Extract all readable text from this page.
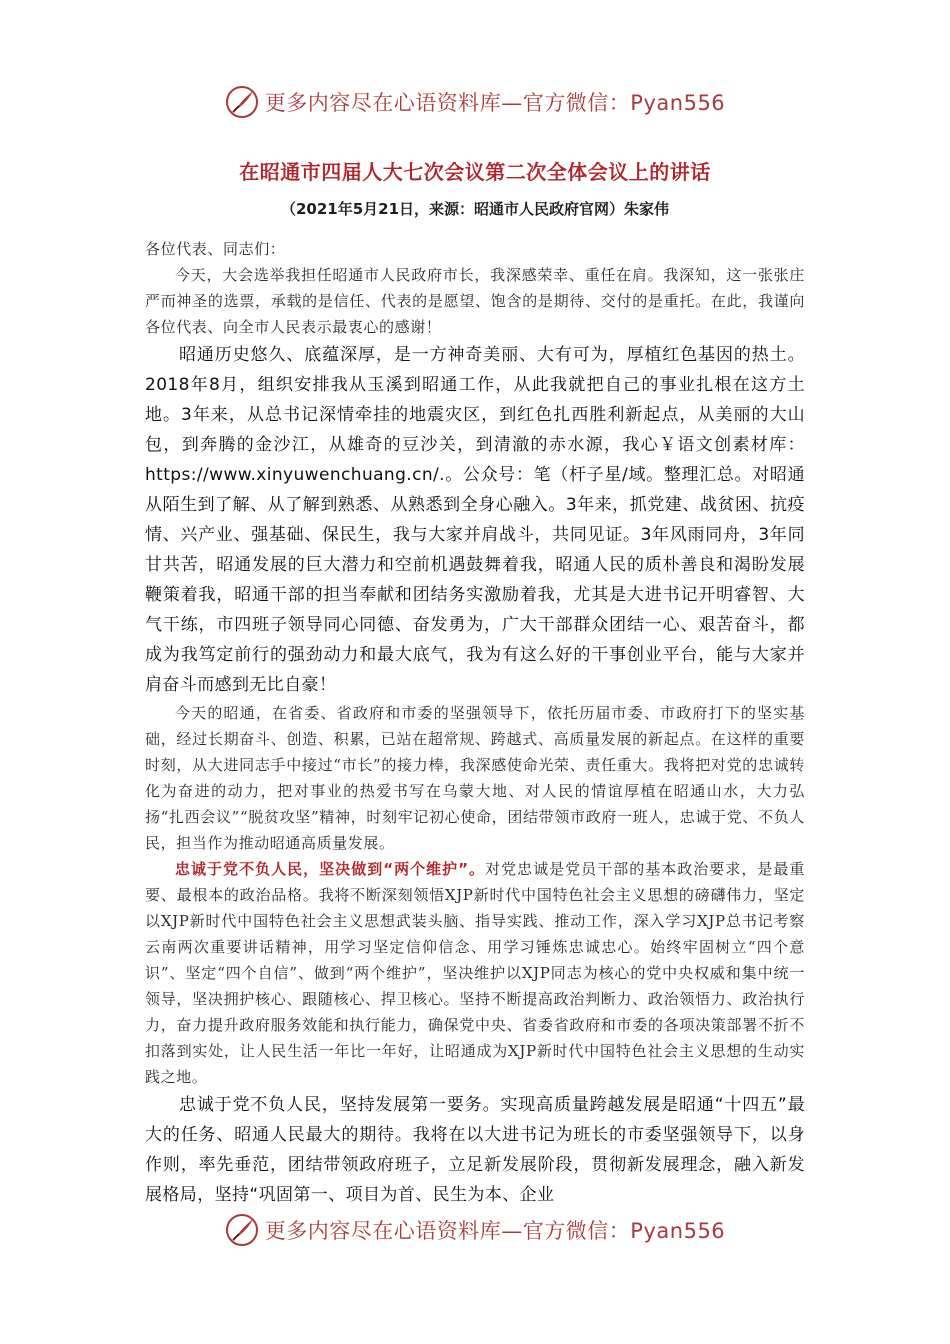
更多内容尽在心语资料库—官方微信：Pyan556
在昭通市四届人大七次会议第二次全体会议上的讲话
（2021年5月21日，来源：昭通市人民政府官网）朱家伟

各位代表、同志们：

今天，大会选举我担任昭通市人民政府市长，我深感荣幸、重任在肩。我深知，这一张张庄严而神圣的选票，承载的是信任、代表的是愿望、饱含的是期待、交付的是重托。在此，我谨向各位代表、向全市人民表示最衷心的感谢！

昭通历史悠久、底蕴深厚，是一方神奇美丽、大有可为，厚植红色基因的热土。2018年8月，组织安排我从玉溪到昭通工作，从此我就把自己的事业扎根在这方土地。3年来，从总书记深情牵挂的地震灾区，到红色扎西胜利新起点，从美丽的大山包，到奔腾的金沙江，从雄奇的豆沙关，到清澈的赤水源，我心￥语文创素材库：https://www.xinyuwenchuang.cn/.。公众号：笔（杆子星/域。整理汇总。对昭通从陌生到了解、从了解到熟悉、从熟悉到全身心融入。3年来，抓党建、战贫困、抗疫情、兴产业、强基础、保民生，我与大家并肩战斗，共同见证。3年风雨同舟，3年同甘共苦，昭通发展的巨大潜力和空前机遇鼓舞着我，昭通人民的质朴善良和渴盼发展鞭策着我，昭通干部的担当奉献和团结务实激励着我，尤其是大进书记开明睿智、大气干练，市四班子领导同心同德、奋发勇为，广大干部群众团结一心、艰苦奋斗，都成为我笃定前行的强劲动力和最大底气，我为有这么好的干事创业平台，能与大家并肩奋斗而感到无比自豪！

今天的昭通，在省委、省政府和市委的坚强领导下，依托历届市委、市政府打下的坚实基础，经过长期奋斗、创造、积累，已站在超常规、跨越式、高质量发展的新起点。在这样的重要时刻，从大进同志手中接过“市长”的接力棒，我深感使命光荣、责任重大。我将把对党的忠诚转化为奋进的动力，把对事业的热爱书写在乌蒙大地、对人民的情谊厚植在昭通山水，大力弘扬“扎西会议”“脱贫攻坚”精神，时刻牢记初心使命，团结带领市政府一班人，忠诚于党、不负人民，担当作为推动昭通高质量发展。

忠诚于党不负人民，坚决做到“两个维护”。对党忠诚是党员干部的基本政治要求，是最重要、最根本的政治品格。我将不断深刻领悟XJP新时代中国特色社会主义思想的磅礴伟力，坚定以XJP新时代中国特色社会主义思想武装头脑、指导实践、推动工作，深入学习XJP总书记考察云南两次重要讲话精神，用学习坚定信仰信念、用学习锤炼忠诚忠心。始终牢固树立“四个意识”、坚定“四个自信”、做到“两个维护”，坚决维护以XJP同志为核心的党中央权威和集中统一领导，坚决拥护核心、跟随核心、捍卫核心。坚持不断提高政治判断力、政治领悟力、政治执行力，奋力提升政府服务效能和执行能力，确保党中央、省委省政府和市委的各项决策部署不折不扣落到实处，让人民生活一年比一年好，让昭通成为XJP新时代中国特色社会主义思想的生动实践之地。

忠诚于党不负人民，坚持发展第一要务。实现高质量跨越发展是昭通“十四五”最大的任务、昭通人民最大的期待。我将在以大进书记为班长的市委坚强领导下，以身作则，率先垂范，团结带领政府班子，立足新发展阶段，贯彻新发展理念，融入新发展格局，坚持“巩固第一、项目为首、民生为本、企业

更多内容尽在心语资料库—官方微信：Pyan556
